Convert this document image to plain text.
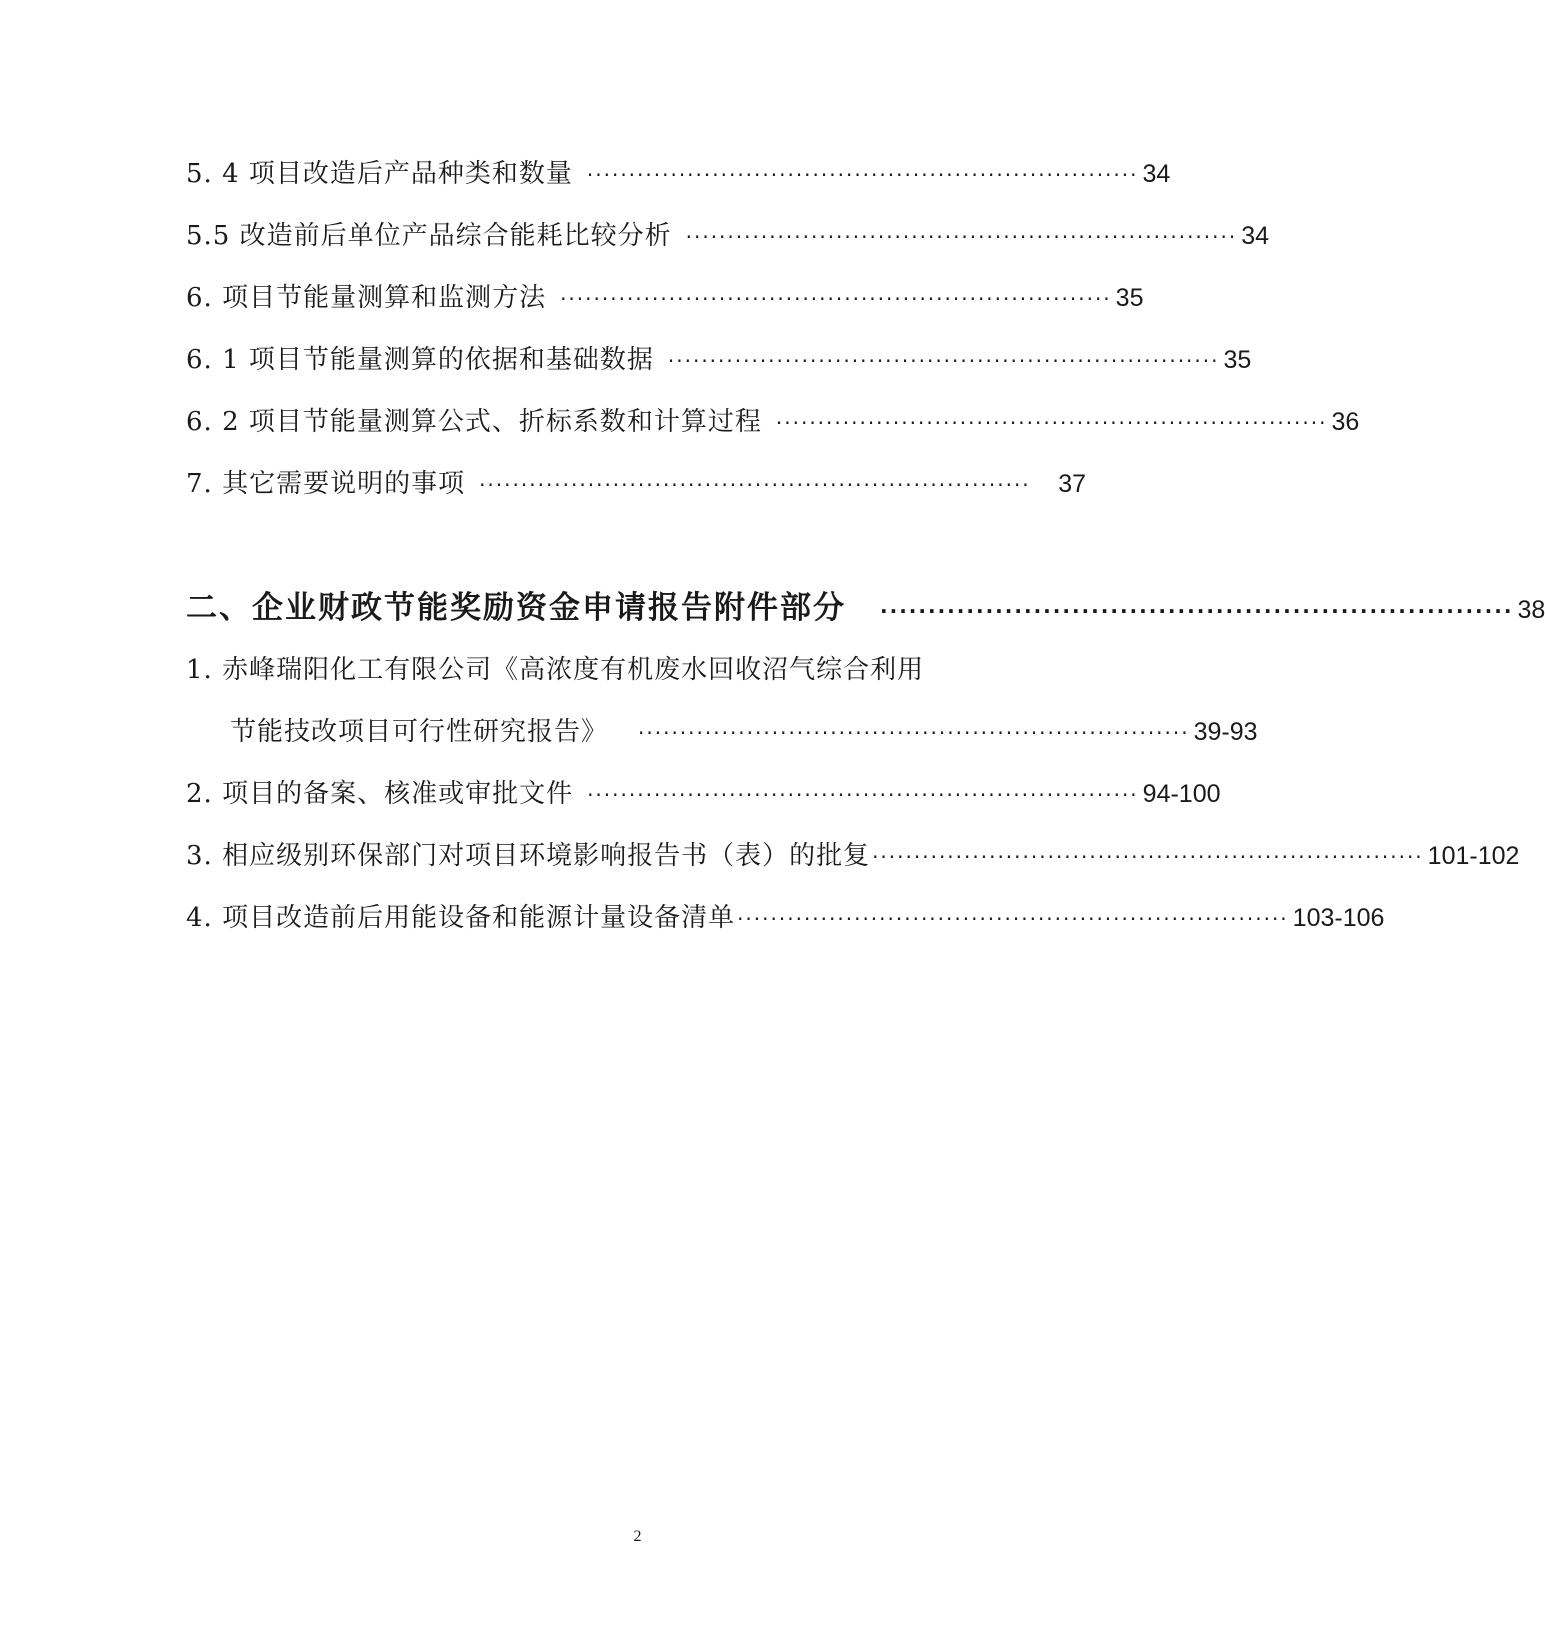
5. 4 项目改造后产品种类和数量 ·································································· 34
5.5 改造前后单位产品综合能耗比较分析 ·································································· 34
6. 项目节能量测算和监测方法 ·································································· 35
6. 1 项目节能量测算的依据和基础数据 ·································································· 35
6. 2 项目节能量测算公式、折标系数和计算过程 ·································································· 36
7. 其它需要说明的事项 ··································································	37
二、企业财政节能奖励资金申请报告附件部分 ·································································· 38
1. 赤峰瑞阳化工有限公司《高浓度有机废水回收沼气综合利用
节能技改项目可行性研究报告》 ·································································· 39-93
2. 项目的备案、核准或审批文件 ·································································· 94-100
3. 相应级别环保部门对项目环境影响报告书（表）的批复 ·································································· 101-102
4. 项目改造前后用能设备和能源计量设备清单 ·································································· 103-106
2
